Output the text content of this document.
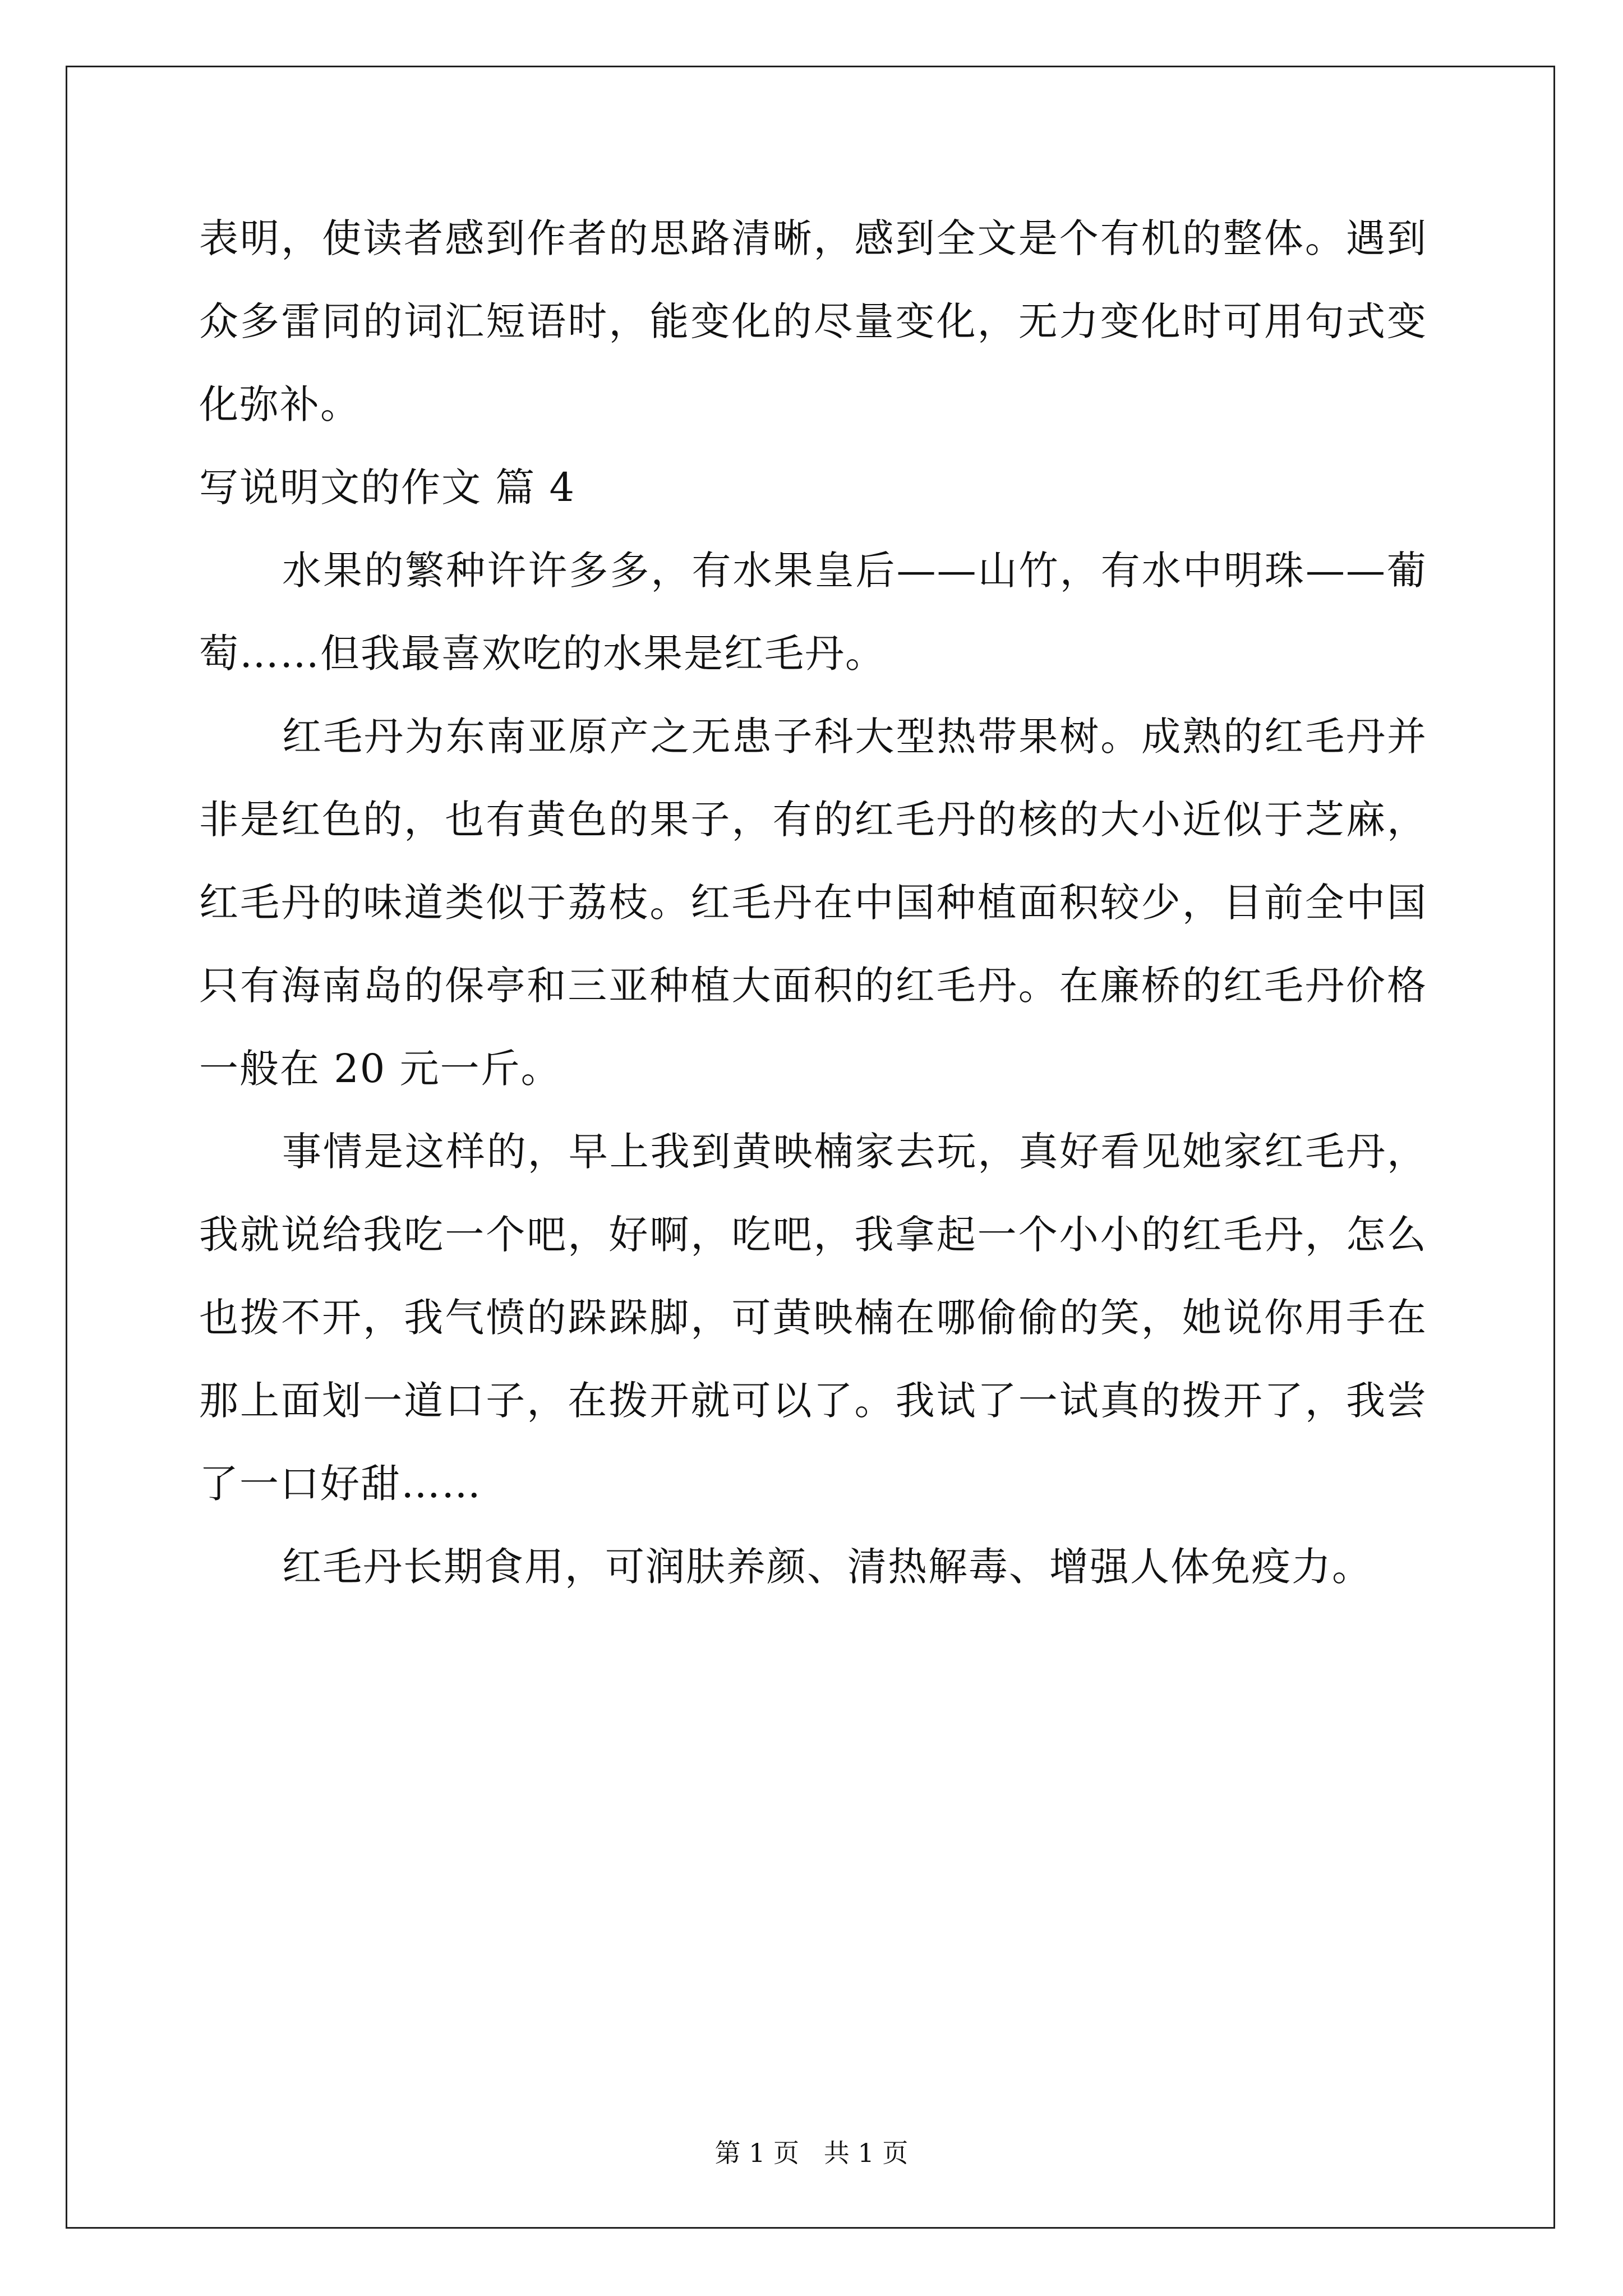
表明，使读者感到作者的思路清晰，感到全文是个有机的整体。遇到
众多雷同的词汇短语时，能变化的尽量变化，无力变化时可用句式变
化弥补。
写说明文的作文 篇 4
水果的繁种许许多多，有水果皇后——山竹，有水中明珠——葡
萄……但我最喜欢吃的水果是红毛丹。
红毛丹为东南亚原产之无患子科大型热带果树。成熟的红毛丹并
非是红色的，也有黄色的果子，有的红毛丹的核的大小近似于芝麻，
红毛丹的味道类似于荔枝。红毛丹在中国种植面积较少，目前全中国
只有海南岛的保亭和三亚种植大面积的红毛丹。在廉桥的红毛丹价格
一般在 20 元一斤。
事情是这样的，早上我到黄映楠家去玩，真好看见她家红毛丹，
我就说给我吃一个吧，好啊，吃吧，我拿起一个小小的红毛丹，怎么
也拨不开，我气愤的跺跺脚，可黄映楠在哪偷偷的笑，她说你用手在
那上面划一道口子，在拨开就可以了。我试了一试真的拨开了，我尝
了一口好甜……
红毛丹长期食用，可润肤养颜、清热解毒、增强人体免疫力。
第 1 页   共 1 页
